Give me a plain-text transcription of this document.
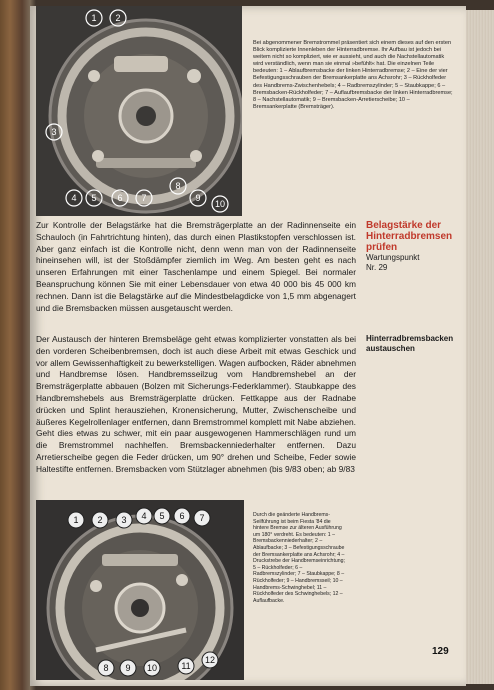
1 2
3
4 5 6 7
8
9
10
Bei abgenommener Bremstrommel präsentiert sich einem dieses auf den ersten Blick komplizierte Innenleben der Hinterradbremse. Ihr Aufbau ist jedoch bei weitem nicht so kompliziert, wie er aussieht, und auch die Nachstellautomatik wird verständlich, wenn man sie einmal »befühlt« hat. Die einzelnen Teile bedeuten: 1 – Ablaufbremsbacke der linken Hinterradbremse; 2 – Eine der vier Befestigungsschrauben der Bremsankerplatte ans Achsrohr; 3 – Rückholfeder des Handbrems-Zwischenhebels; 4 – Radbremszylinder; 5 – Staubkappe; 6 – Bremsbacken-Rückholfeder; 7 – Auflaufbremsbacke der linken Hinterradbremse; 8 – Nachstellautomatik; 9 – Bremsbacken-Arretierscheibe; 10 – Bremsankerplatte (Bremsträger).

Zur Kontrolle der Belagstärke hat die Bremsträgerplatte an der Radinnenseite ein Schauloch (in Fahrtrichtung hinten), das durch einen Plastikstopfen verschlossen ist. Aber ganz einfach ist die Kontrolle nicht, denn wenn man von der Radinnenseite hineinsehen will, ist der Stoßdämpfer ziemlich im Weg. Am besten geht es nach unseren Erfahrungen mit einer Taschenlampe und einem Spiegel. Bei normaler Beanspruchung können Sie mit einer Lebensdauer von etwa 40 000 bis 45 000 km rechnen. Dann ist die Belagstärke auf die Mindestbelagdicke von 1,5 mm abgenagert und die Bremsbacken müssen ausgetauscht werden.

Der Austausch der hinteren Bremsbeläge geht etwas komplizierter vonstatten als bei den vorderen Scheibenbremsen, doch ist auch diese Arbeit mit etwas Geschick und vor allem Gewissenhaftigkeit zu bewerkstelligen. Wagen aufbocken, Räder abnehmen und Handbremse lösen. Handbremsseilzug vom Handbremshebel an der Bremsträgerplatte abbauen (Bolzen mit Sicherungs-Federklammer). Staubkappe des Handbremshebels aus Bremsträgerplatte drücken. Fettkappe aus der Radnabe drücken und Splint herausziehen, Kronensicherung, Mutter, Zwischenscheibe und äußeres Kegelrollenlager entfernen, dann Bremstrommel komplett mit Nabe abziehen. Geht dies etwas zu schwer, mit ein paar ausgewogenen Hammerschlägen rund um die Bremstrommel nachhelfen. Bremsbackenniederhalter entfernen. Dazu Arretierscheibe gegen die Feder drücken, um 90° drehen und Scheibe, Feder sowie Haltestifte entfernen. Bremsbacken vom Stützlager abnehmen (bis 9/83 oben; ab 9/83

Belagstärke der Hinterradbremsen prüfen
Wartungspunkt
Nr. 29
Hinterradbremsbacken austauschen
1 2 3 4 5 6 7
8 9 10	11
12
Durch die geänderte Handbrems-Seilführung ist beim Fiesta '84 die hintere Bremse zur älteren Ausführung um 180° verdreht. Es bedeuten: 1 – Bremsbackenniederhalter; 2 – Ablaufbacke; 3 – Befestigungsschraube der Bremsankerplatte ans Achsrohr; 4 – Druckstrebe der Handbremseinrichtung; 5 – Rückholfeder; 6 – Radbremszylinder; 7 – Staubkappe; 8 – Rückholfeder; 9 – Handbremsseil; 10 – Handbrems-Schwinghebel; 11 – Rückholfeder des Schwinghebels; 12 – Auflaufbacke.
129
